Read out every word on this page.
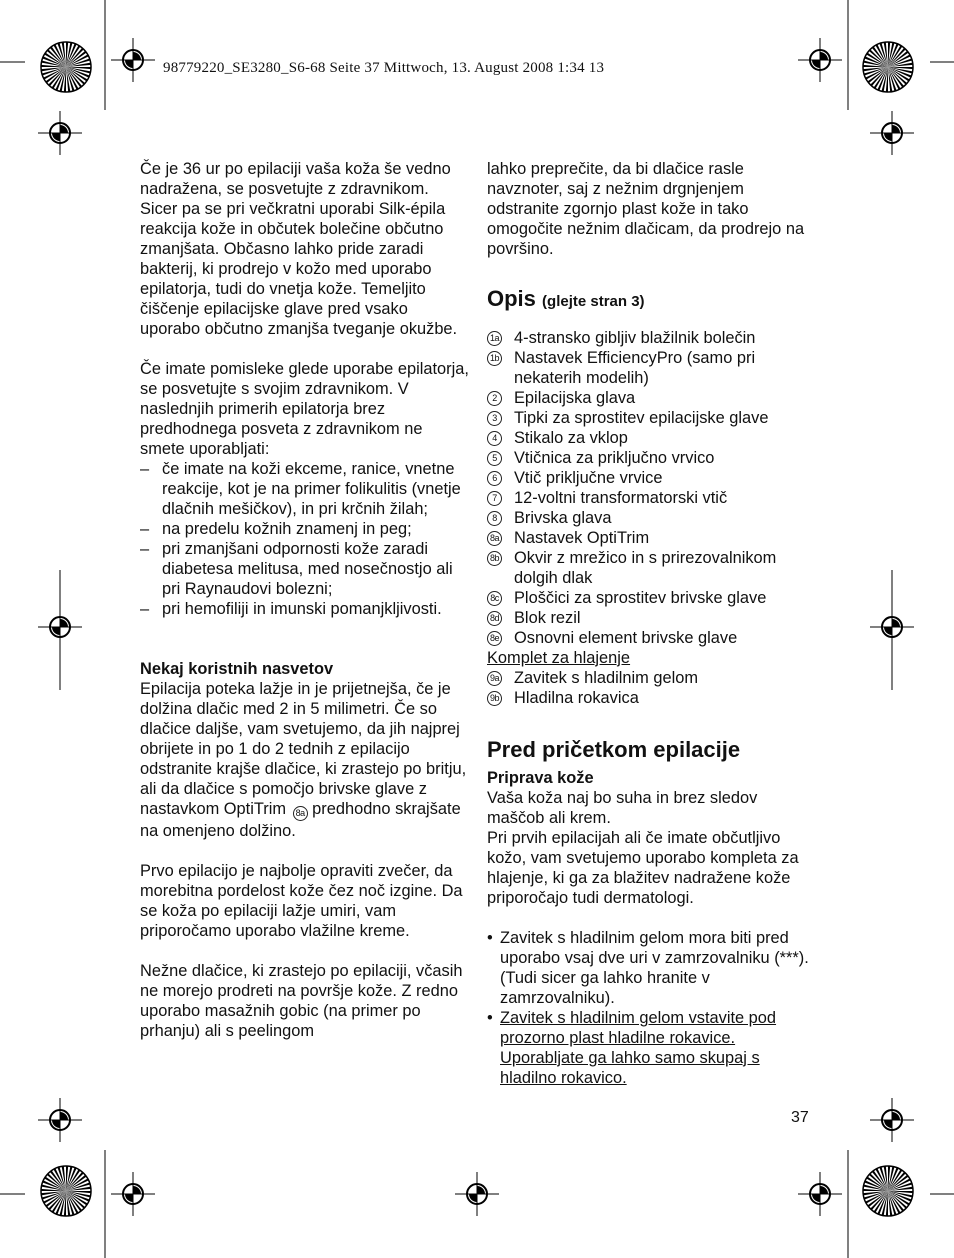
98779220_SE3280_S6-68 Seite 37 Mittwoch, 13. August 2008 1:34 13

Če je 36 ur po epilaciji vaša koža še vedno nadražena, se posvetujte z zdravnikom. Sicer pa se pri večkratni uporabi Silk-épila reakcija kože in občutek bolečine občutno zmanjšata. Občasno lahko pride zaradi bakterij, ki prodrejo v kožo med uporabo epilatorja, tudi do vnetja kože. Temeljito čiščenje epilacijske glave pred vsako uporabo občutno zmanjša tveganje okužbe.

Če imate pomisleke glede uporabe epilatorja, se posvetujte s svojim zdravnikom. V naslednjih primerih epilatorja brez predhodnega posveta z zdravnikom ne smete uporabljati:

– če imate na koži ekceme, ranice, vnetne reakcije, kot je na primer folikulitis (vnetje dlačnih mešičkov), in pri krčnih žilah;
– na predelu kožnih znamenj in peg;
– pri zmanjšani odpornosti kože zaradi diabetesa melitusa, med nosečnostjo ali pri Raynaudovi bolezni;
– pri hemofiliji in imunski pomanjkljivosti.

Nekaj koristnih nasvetov

Epilacija poteka lažje in je prijetnejša, če je dolžina dlačic med 2 in 5 milimetri. Če so dlačice daljše, vam svetujemo, da jih najprej obrijete in po 1 do 2 tednih z epilacijo odstranite krajše dlačice, ki zrastejo po britju, ali da dlačice s pomočjo brivske glave z nastavkom OptiTrim 8a predhodno skrajšate na omenjeno dolžino.

Prvo epilacijo je najbolje opraviti zvečer, da morebitna pordelost kože čez noč izgine. Da se koža po epilaciji lažje umiri, vam priporočamo uporabo vlažilne kreme.

Nežne dlačice, ki zrastejo po epilaciji, včasih ne morejo prodreti na površje kože. Z redno uporabo masažnih gobic (na primer po prhanju) ali s peelingom

lahko preprečite, da bi dlačice rasle navznoter, saj z nežnim drgnjenjem odstranite zgornjo plast kože in tako omogočite nežnim dlačicam, da prodrejo na površino.

Opis (glejte stran 3)

1a 4-stransko gibljiv blažilnik bolečin
1b Nastavek EfficiencyPro (samo pri nekaterih modelih)
2	Epilacijska glava
3	Tipki za sprostitev epilacijske glave
4	Stikalo za vklop
5	Vtičnica za priključno vrvico
6	Vtič priključne vrvice
7	12-voltni transformatorski vtič
8	Brivska glava
8a Nastavek OptiTrim
8b Okvir z mrežico in s prirezovalnikom dolgih dlak
8c Ploščici za sprostitev brivske glave
8d Blok rezil
8e Osnovni element brivske glave

Komplet za hlajenje

9a Zavitek s hladilnim gelom
9b Hladilna rokavica

Pred pričetkom epilacije

Priprava kože

Vaša koža naj bo suha in brez sledov maščob ali krem.

Pri prvih epilacijah ali če imate občutljivo kožo, vam svetujemo uporabo kompleta za hlajenje, ki ga za blažitev nadražene kože priporočajo tudi dermatologi.

• Zavitek s hladilnim gelom mora biti pred uporabo vsaj dve uri v zamrzovalniku (***). (Tudi sicer ga lahko hranite v zamrzovalniku).
• Zavitek s hladilnim gelom vstavite pod prozorno plast hladilne rokavice. Uporabljate ga lahko samo skupaj s hladilno rokavico.
37
